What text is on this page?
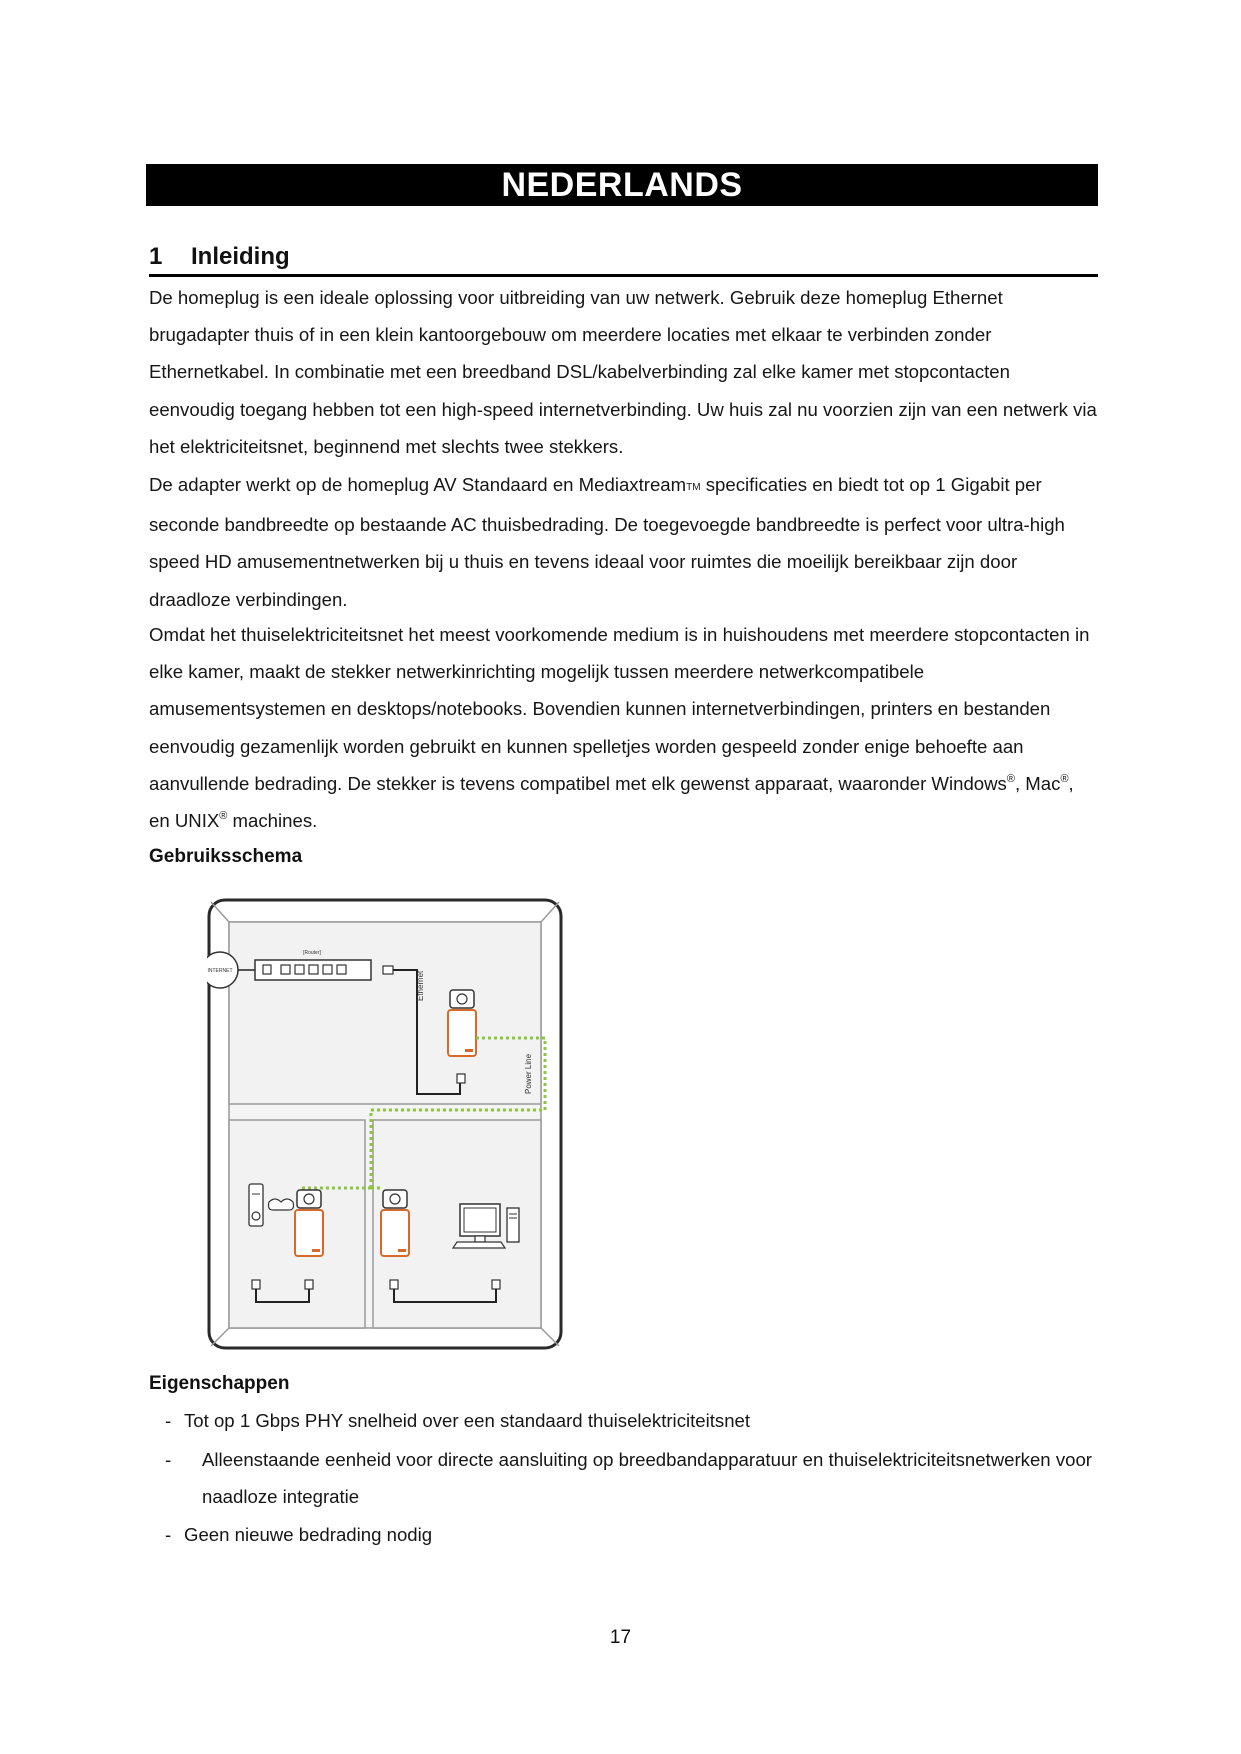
NEDERLANDS
1 Inleiding

De homeplug is een ideale oplossing voor uitbreiding van uw netwerk. Gebruik deze homeplug Ethernet brugadapter thuis of in een klein kantoorgebouw om meerdere locaties met elkaar te verbinden zonder Ethernetkabel. In combinatie met een breedband DSL/kabelverbinding zal elke kamer met stopcontacten eenvoudig toegang hebben tot een high-speed internetverbinding. Uw huis zal nu voorzien zijn van een netwerk via het elektriciteitsnet, beginnend met slechts twee stekkers.

De adapter werkt op de homeplug AV Standaard en MediaxtreamTM specificaties en biedt tot op 1 Gigabit per seconde bandbreedte op bestaande AC thuisbedrading. De toegevoegde bandbreedte is perfect voor ultra-high speed HD amusementnetwerken bij u thuis en tevens ideaal voor ruimtes die moeilijk bereikbaar zijn door draadloze verbindingen.

Omdat het thuiselektriciteitsnet het meest voorkomende medium is in huishoudens met meerdere stopcontacten in elke kamer, maakt de stekker netwerkinrichting mogelijk tussen meerdere netwerkcompatibele amusementsystemen en desktops/notebooks. Bovendien kunnen internetverbindingen, printers en bestanden eenvoudig gezamenlijk worden gebruikt en kunnen spelletjes worden gespeeld zonder enige behoefte aan aanvullende bedrading. De stekker is tevens compatibel met elk gewenst apparaat, waaronder Windows®, Mac®, en UNIX® machines.

Gebruiksschema
INTERNET
[Router]
Ethernet
Power Line
Eigenschappen
- Tot op 1 Gbps PHY snelheid over een standaard thuiselektriciteitsnet
-	Alleenstaande eenheid voor directe aansluiting op breedbandapparatuur en thuiselektriciteitsnetwerken voor naadloze integratie
- Geen nieuwe bedrading nodig
17
